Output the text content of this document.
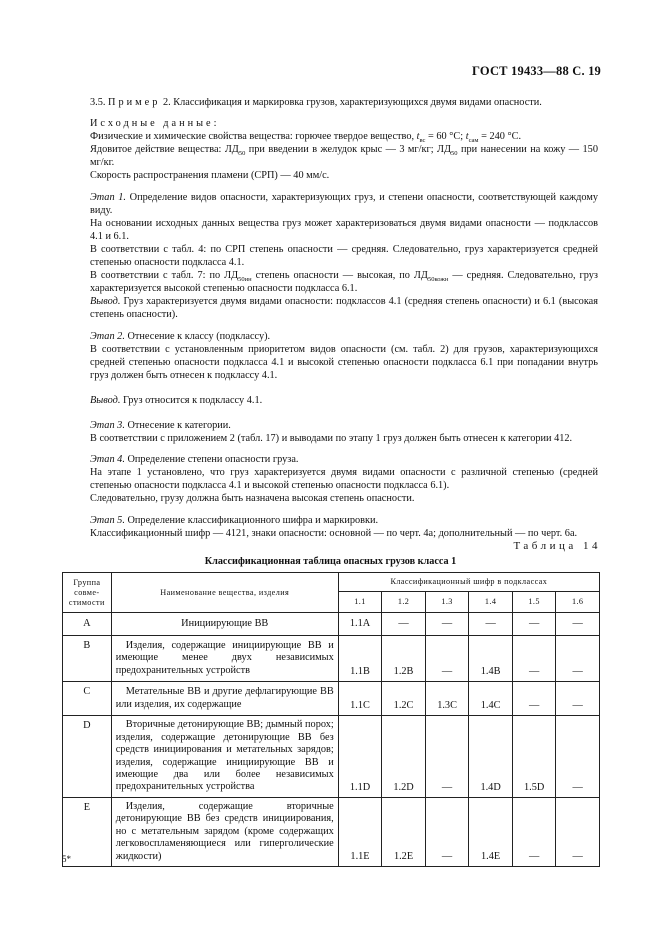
ГОСТ 19433—88 С. 19

3.5. Пример 2. Классификация и маркировка грузов, характеризующихся двумя видами опасности.

Исходные данные:

Физические и химические свойства вещества: горючее твердое вещество, $t_{вс} = 60$ °С; $t_{сам} = 240$ °С.

Ядовитое действие вещества: $ЛД_{50}$ при введении в желудок крыс — 3 мг/кг; $ЛД_{50}$ при нанесении на кожу — 150 мг/кг.

Скорость распространения пламени (СРП) — 40 мм/с.

Этап 1. Определение видов опасности, характеризующих груз, и степени опасности, соответствующей каждому виду.

На основании исходных данных вещества груз может характеризоваться двумя видами опасности — подклассов 4.1 и 6.1.

В соответствии с табл. 4: по СРП степень опасности — средняя. Следовательно, груз характеризуется средней степенью опасности подкласса 4.1.

В соответствии с табл. 7: по $ЛД_{50ин}$ степень опасности — высокая, по $ЛД_{50кожн}$ — средняя. Следовательно, груз характеризуется высокой степенью опасности подкласса 6.1.

Вывод. Груз характеризуется двумя видами опасности: подклассов 4.1 (средняя степень опасности) и 6.1 (высокая степень опасности).

Этап 2. Отнесение к классу (подклассу).

В соответствии с установленным приоритетом видов опасности (см. табл. 2) для грузов, характеризующихся средней степенью опасности подкласса 4.1 и высокой степенью опасности подкласса 6.1 при попадании внутрь груз должен быть отнесен к подклассу 4.1.

Вывод. Груз относится к подклассу 4.1.

Этап 3. Отнесение к категории.

В соответствии с приложением 2 (табл. 17) и выводами по этапу 1 груз должен быть отнесен к категории 412.

Этап 4. Определение степени опасности груза.

На этапе 1 установлено, что груз характеризуется двумя видами опасности с различной степенью (средней степенью опасности подкласса 4.1 и высокой степенью опасности подкласса 6.1).

Следовательно, грузу должна быть назначена высокая степень опасности.

Этап 5. Определение классификационного шифра и маркировки.

Классификационный шифр — 4121, знаки опасности: основной — по черт. 4а; дополнительный — по черт. 6а.

Таблица 14
Классификационная таблица опасных грузов класса 1
Группа совме-стимости	Наименование вещества, изделия	Классификационный шифр в подклассах					
		1.1	1.2	1.3	1.4	1.5	1.6
A	Инициирующие ВВ	1.1A	—	—	—	—	—
B	Изделия, содержащие инициирующие ВВ и имеющие менее двух независимых предохранительных устройств	1.1B	1.2B	—	1.4B	—	—
C	Метательные ВВ и другие дефлагирующие ВВ или изделия, их содержащие	1.1C	1.2C	1.3C	1.4C	—	—
D	Вторичные детонирующие ВВ; дымный порох; изделия, содержащие детонирующие ВВ без средств инициирования и метательных зарядов; изделия, содержащие инициирующие ВВ и имеющие два или более независимых предохранительных устройства	1.1D	1.2D	—	1.4D	1.5D	—
E	Изделия, содержащие вторичные детонирующие ВВ без средств инициирования, но с метательным зарядом (кроме содержащих легковоспламеняющиеся или гиперголические жидкости)	1.1E	1.2E	—	1.4E	—	—
5*
